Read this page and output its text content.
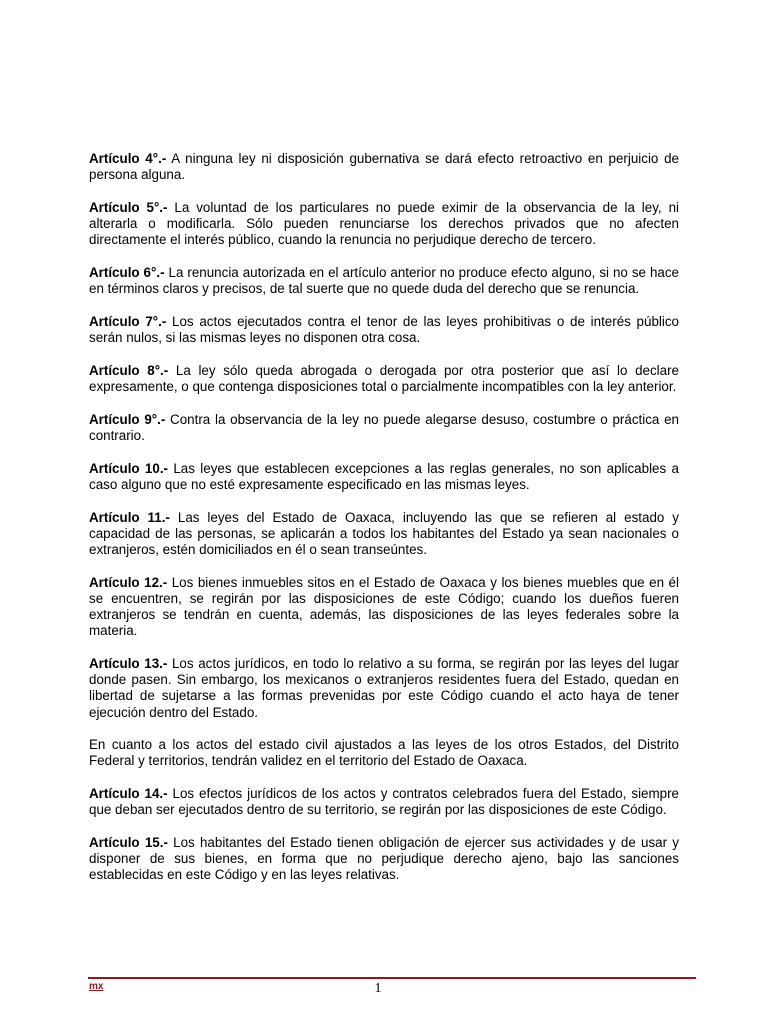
Artículo 4°.- A ninguna ley ni disposición gubernativa se dará efecto retroactivo en perjuicio de persona alguna.

Artículo 5°.- La voluntad de los particulares no puede eximir de la observancia de la ley, ni alterarla o modificarla. Sólo pueden renunciarse los derechos privados que no afecten directamente el interés público, cuando la renuncia no perjudique derecho de tercero.

Artículo 6°.- La renuncia autorizada en el artículo anterior no produce efecto alguno, si no se hace en términos claros y precisos, de tal suerte que no quede duda del derecho que se renuncia.

Artículo 7°.- Los actos ejecutados contra el tenor de las leyes prohibitivas o de interés público serán nulos, si las mismas leyes no disponen otra cosa.

Artículo 8°.- La ley sólo queda abrogada o derogada por otra posterior que así lo declare expresamente, o que contenga disposiciones total o parcialmente incompatibles con la ley anterior.

Artículo 9°.- Contra la observancia de la ley no puede alegarse desuso, costumbre o práctica en contrario.

Artículo 10.- Las leyes que establecen excepciones a las reglas generales, no son aplicables a caso alguno que no esté expresamente especificado en las mismas leyes.

Artículo 11.- Las leyes del Estado de Oaxaca, incluyendo las que se refieren al estado y capacidad de las personas, se aplicarán a todos los habitantes del Estado ya sean nacionales o extranjeros, estén domiciliados en él o sean transeúntes.

Artículo 12.- Los bienes inmuebles sitos en el Estado de Oaxaca y los bienes muebles que en él se encuentren, se regirán por las disposiciones de este Código; cuando los dueños fueren extranjeros se tendrán en cuenta, además, las disposiciones de las leyes federales sobre la materia.

Artículo 13.- Los actos jurídicos, en todo lo relativo a su forma, se regirán por las leyes del lugar donde pasen. Sin embargo, los mexicanos o extranjeros residentes fuera del Estado, quedan en libertad de sujetarse a las formas prevenidas por este Código cuando el acto haya de tener ejecución dentro del Estado.

En cuanto a los actos del estado civil ajustados a las leyes de los otros Estados, del Distrito Federal y territorios, tendrán validez en el territorio del Estado de Oaxaca.

Artículo 14.- Los efectos jurídicos de los actos y contratos celebrados fuera del Estado, siempre que deban ser ejecutados dentro de su territorio, se regirán por las disposiciones de este Código.

Artículo 15.- Los habitantes del Estado tienen obligación de ejercer sus actividades y de usar y disponer de sus bienes, en forma que no perjudique derecho ajeno, bajo las sanciones establecidas en este Código y en las leyes relativas.

mx	1
